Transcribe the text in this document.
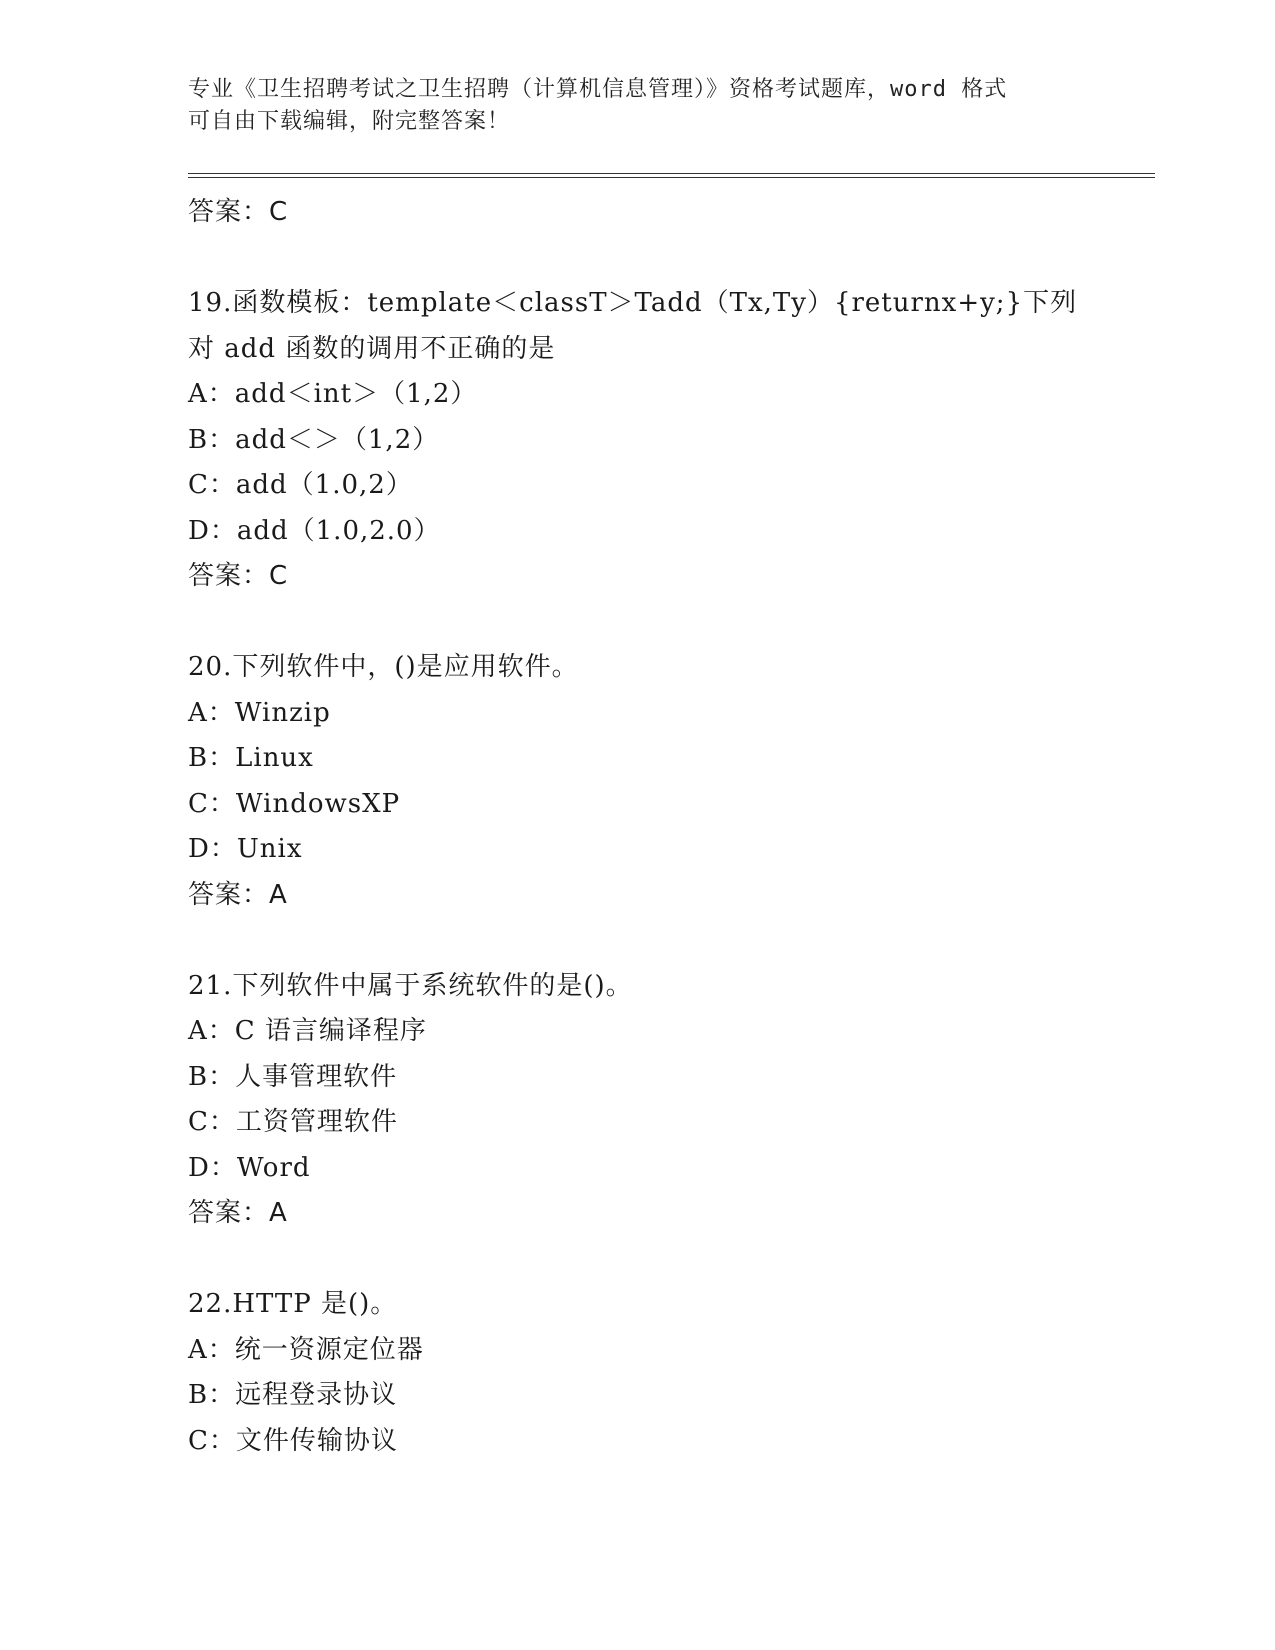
专业《卫生招聘考试之卫生招聘（计算机信息管理）》资格考试题库，word 格式
可自由下载编辑，附完整答案！
答案：C
19.函数模板：template＜classT＞Tadd（Tx,Ty）{returnx+y;}下列
对 add 函数的调用不正确的是
A：add＜int＞（1,2）
B：add＜＞（1,2）
C：add（1.0,2）
D：add（1.0,2.0）
答案：C
20.下列软件中，()是应用软件。
A：Winzip
B：Linux
C：WindowsXP
D：Unix
答案：A
21.下列软件中属于系统软件的是()。
A：C 语言编译程序
B：人事管理软件
C：工资管理软件
D：Word
答案：A
22.HTTP 是()。
A：统一资源定位器
B：远程登录协议
C：文件传输协议
